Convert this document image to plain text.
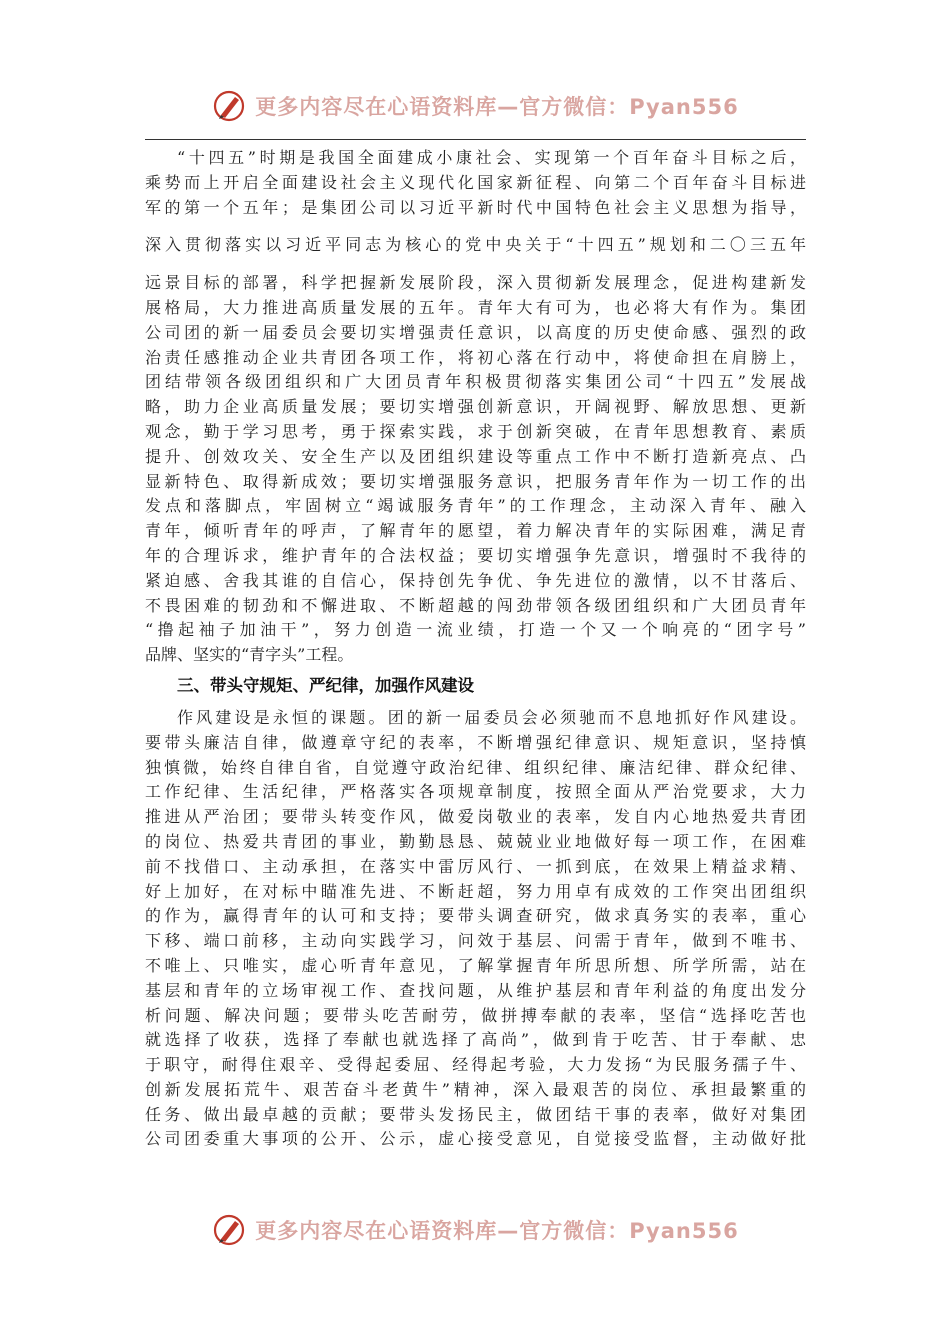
更多内容尽在心语资料库—官方微信：Pyan556
“十四五”时期是我国全面建成小康社会、实现第一个百年奋斗目标之后，
乘势而上开启全面建设社会主义现代化国家新征程、向第二个百年奋斗目标进
军的第一个五年；是集团公司以习近平新时代中国特色社会主义思想为指导，
深入贯彻落实以习近平同志为核心的党中央关于“十四五”规划和二〇三五年
远景目标的部署，科学把握新发展阶段，深入贯彻新发展理念，促进构建新发
展格局，大力推进高质量发展的五年。青年大有可为，也必将大有作为。集团
公司团的新一届委员会要切实增强责任意识，以高度的历史使命感、强烈的政
治责任感推动企业共青团各项工作，将初心落在行动中，将使命担在肩膀上，
团结带领各级团组织和广大团员青年积极贯彻落实集团公司“十四五”发展战
略，助力企业高质量发展；要切实增强创新意识，开阔视野、解放思想、更新
观念，勤于学习思考，勇于探索实践，求于创新突破，在青年思想教育、素质
提升、创效攻关、安全生产以及团组织建设等重点工作中不断打造新亮点、凸
显新特色、取得新成效；要切实增强服务意识，把服务青年作为一切工作的出
发点和落脚点，牢固树立“竭诚服务青年”的工作理念，主动深入青年、融入
青年，倾听青年的呼声，了解青年的愿望，着力解决青年的实际困难，满足青
年的合理诉求，维护青年的合法权益；要切实增强争先意识，增强时不我待的
紧迫感、舍我其谁的自信心，保持创先争优、争先进位的激情，以不甘落后、
不畏困难的韧劲和不懈进取、不断超越的闯劲带领各级团组织和广大团员青年
“撸起袖子加油干”，努力创造一流业绩，打造一个又一个响亮的“团字号”
品牌、坚实的“青字头”工程。
三、带头守规矩、严纪律，加强作风建设
作风建设是永恒的课题。团的新一届委员会必须驰而不息地抓好作风建设。
要带头廉洁自律，做遵章守纪的表率，不断增强纪律意识、规矩意识，坚持慎
独慎微，始终自律自省，自觉遵守政治纪律、组织纪律、廉洁纪律、群众纪律、
工作纪律、生活纪律，严格落实各项规章制度，按照全面从严治党要求，大力
推进从严治团；要带头转变作风，做爱岗敬业的表率，发自内心地热爱共青团
的岗位、热爱共青团的事业，勤勤恳恳、兢兢业业地做好每一项工作，在困难
前不找借口、主动承担，在落实中雷厉风行、一抓到底，在效果上精益求精、
好上加好，在对标中瞄准先进、不断赶超，努力用卓有成效的工作突出团组织
的作为，赢得青年的认可和支持；要带头调查研究，做求真务实的表率，重心
下移、端口前移，主动向实践学习，问效于基层、问需于青年，做到不唯书、
不唯上、只唯实，虚心听青年意见，了解掌握青年所思所想、所学所需，站在
基层和青年的立场审视工作、查找问题，从维护基层和青年利益的角度出发分
析问题、解决问题；要带头吃苦耐劳，做拼搏奉献的表率，坚信“选择吃苦也
就选择了收获，选择了奉献也就选择了高尚”，做到肯于吃苦、甘于奉献、忠
于职守，耐得住艰辛、受得起委屈、经得起考验，大力发扬“为民服务孺子牛、
创新发展拓荒牛、艰苦奋斗老黄牛”精神，深入最艰苦的岗位、承担最繁重的
任务、做出最卓越的贡献；要带头发扬民主，做团结干事的表率，做好对集团
公司团委重大事项的公开、公示，虚心接受意见，自觉接受监督，主动做好批
更多内容尽在心语资料库—官方微信：Pyan556
